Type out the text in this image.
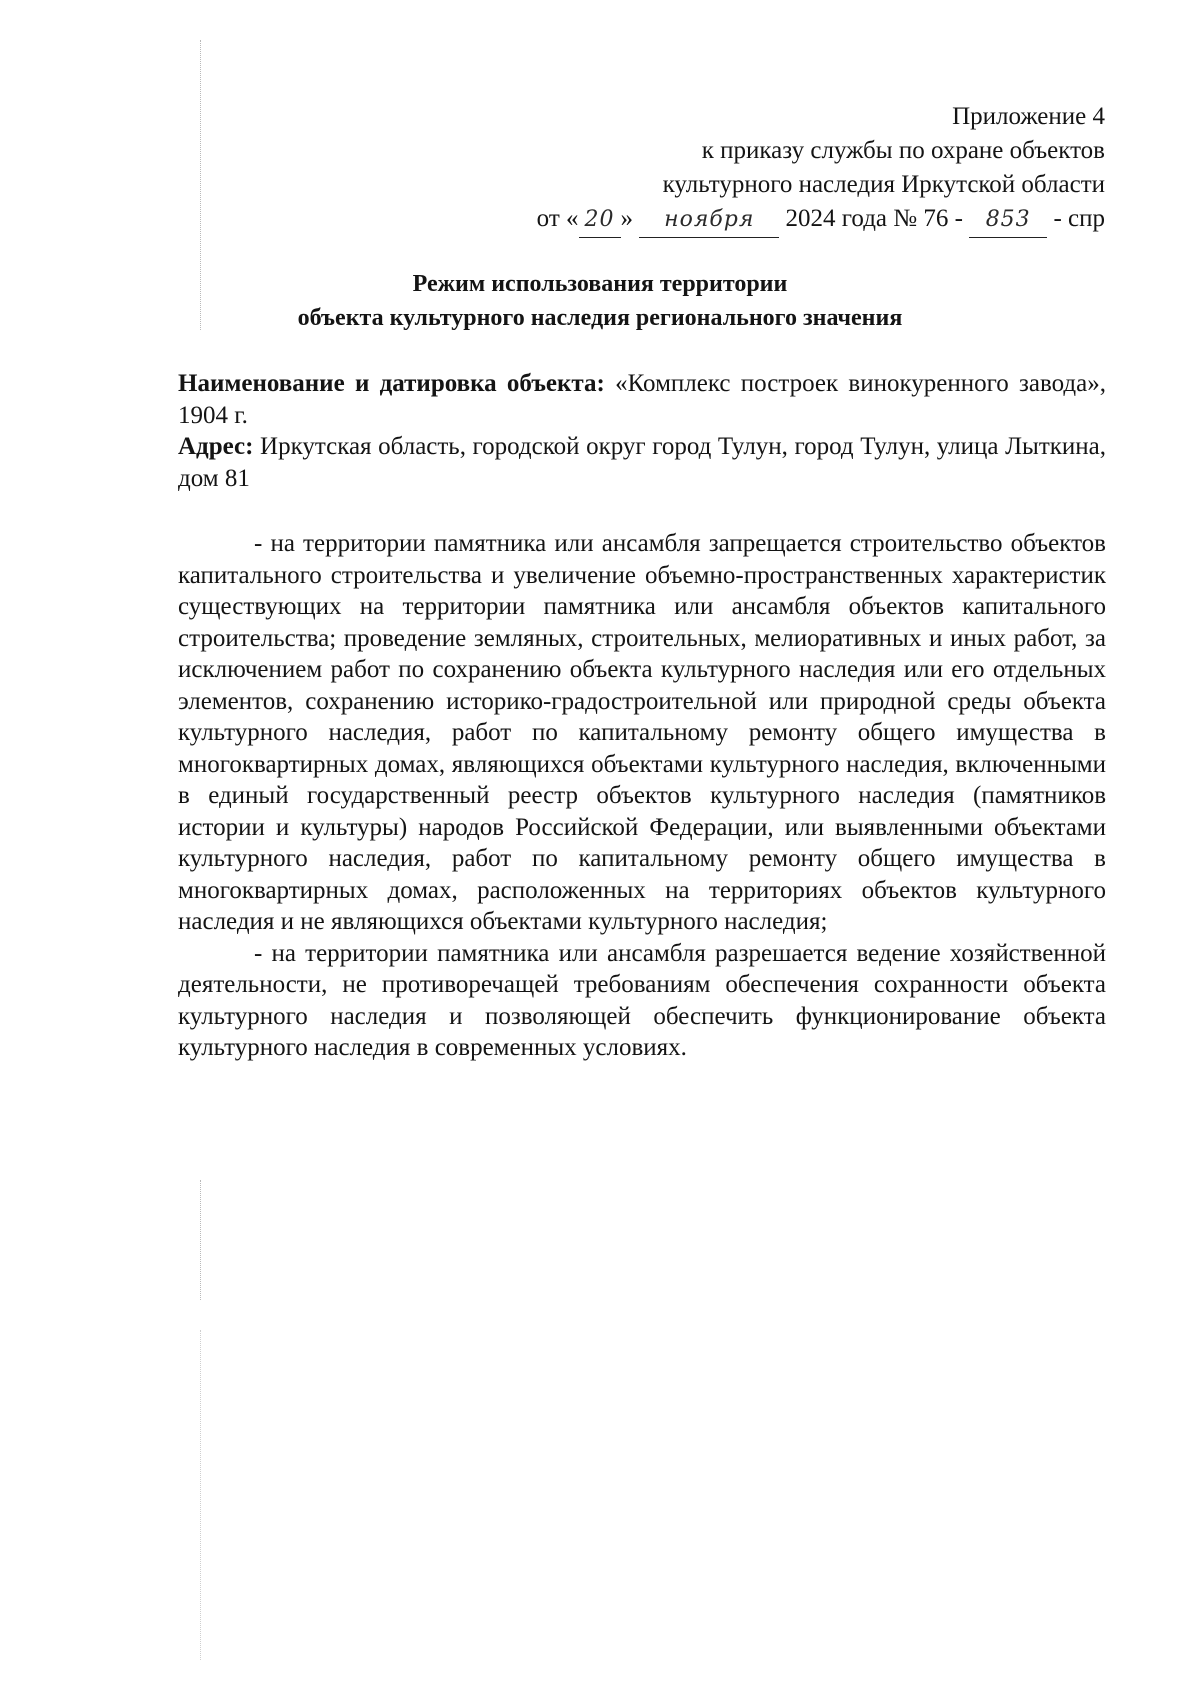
Приложение 4
к приказу службы по охране объектов
культурного наследия Иркутской области
от « 20 » ноября 2024 года № 76 - 853 - спр
Режим использования территории
объекта культурного наследия регионального значения

Наименование и датировка объекта: «Комплекс построек винокуренного завода», 1904 г.

Адрес: Иркутская область, городской округ город Тулун, город Тулун, улица Лыткина, дом 81

- на территории памятника или ансамбля запрещается строительство объектов капитального строительства и увеличение объемно-пространственных характеристик существующих на территории памятника или ансамбля объектов капитального строительства; проведение земляных, строительных, мелиоративных и иных работ, за исключением работ по сохранению объекта культурного наследия или его отдельных элементов, сохранению историко-градостроительной или природной среды объекта культурного наследия, работ по капитальному ремонту общего имущества в многоквартирных домах, являющихся объектами культурного наследия, включенными в единый государственный реестр объектов культурного наследия (памятников истории и культуры) народов Российской Федерации, или выявленными объектами культурного наследия, работ по капитальному ремонту общего имущества в многоквартирных домах, расположенных на территориях объектов культурного наследия и не являющихся объектами культурного наследия;

- на территории памятника или ансамбля разрешается ведение хозяйственной деятельности, не противоречащей требованиям обеспечения сохранности объекта культурного наследия и позволяющей обеспечить функционирование объекта культурного наследия в современных условиях.
